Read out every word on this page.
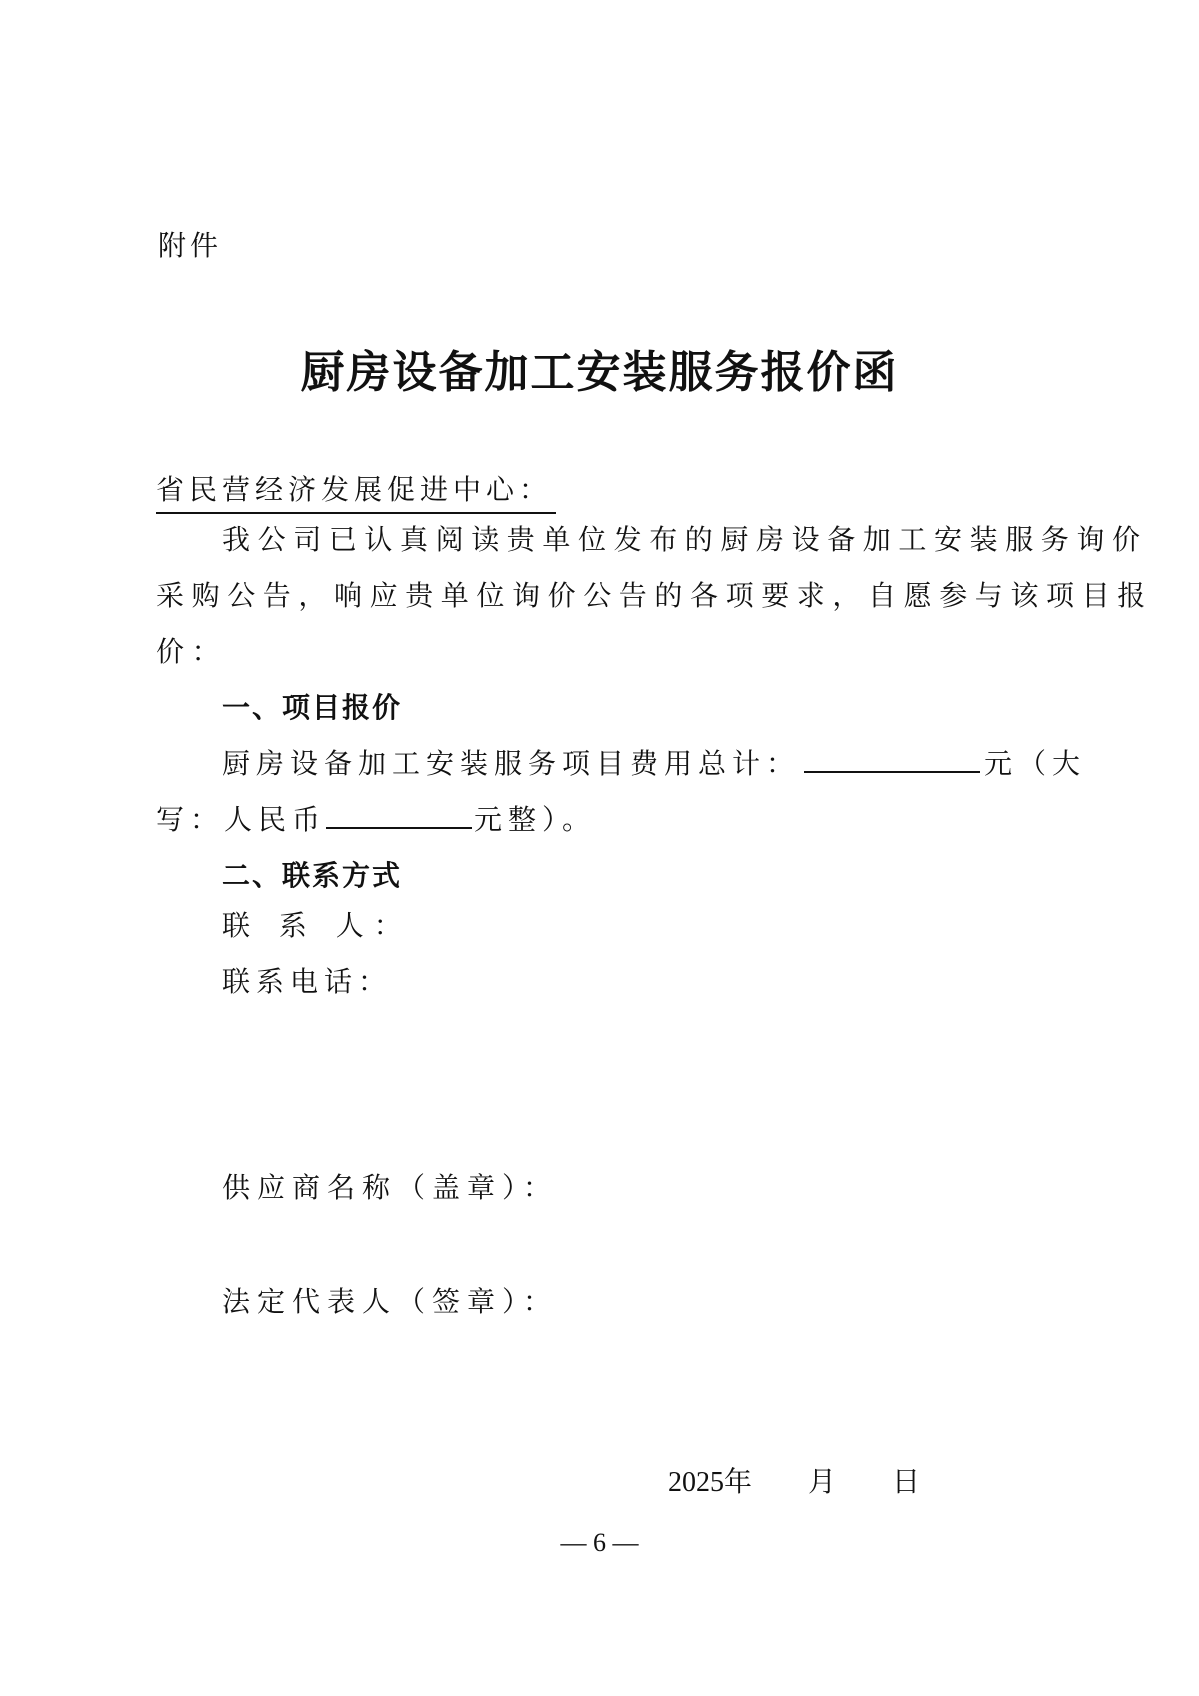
附件
厨房设备加工安装服务报价函
省民营经济发展促进中心：
我公司已认真阅读贵单位发布的厨房设备加工安装服务询价
采购公告，响应贵单位询价公告的各项要求，自愿参与该项目报
价：
一、项目报价
厨房设备加工安装服务项目费用总计：	元（大
写：人民币	元整）。
二、联系方式
联 系 人：
联系电话：
供应商名称（盖章）：
法定代表人（签章）：
2025年 月 日
— 6 —
